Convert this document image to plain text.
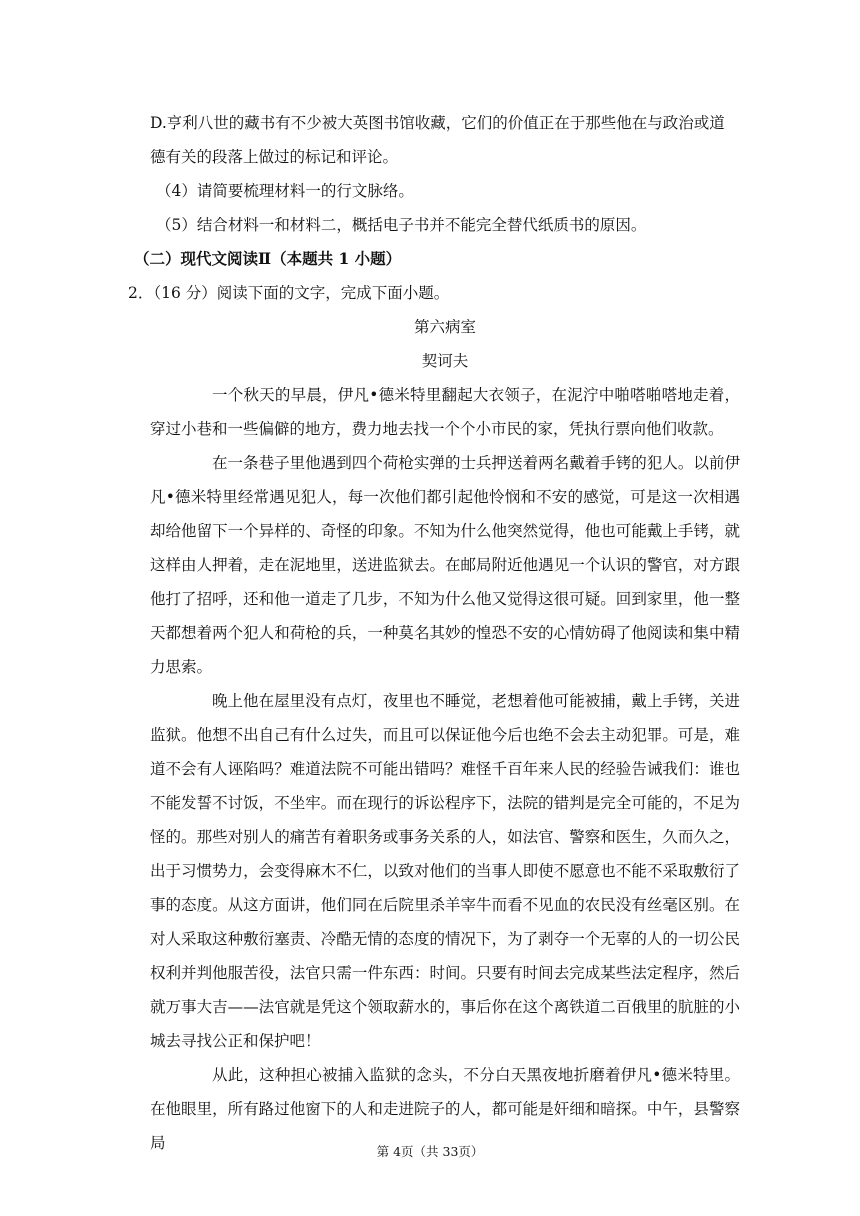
D.亨利八世的藏书有不少被大英图书馆收藏，它们的价值正在于那些他在与政治或道德有关的段落上做过的标记和评论。

（4）请简要梳理材料一的行文脉络。

（5）结合材料一和材料二，概括电子书并不能完全替代纸质书的原因。

（二）现代文阅读Ⅱ（本题共 1 小题）

2．（16 分）阅读下面的文字，完成下面小题。

第六病室

契诃夫

一个秋天的早晨，伊凡•德米特里翻起大衣领子，在泥泞中啪嗒啪嗒地走着，穿过小巷和一些偏僻的地方，费力地去找一个个小市民的家，凭执行票向他们收款。

在一条巷子里他遇到四个荷枪实弹的士兵押送着两名戴着手铐的犯人。以前伊凡•德米特里经常遇见犯人，每一次他们都引起他怜悯和不安的感觉，可是这一次相遇却给他留下一个异样的、奇怪的印象。不知为什么他突然觉得，他也可能戴上手铐，就这样由人押着，走在泥地里，送进监狱去。在邮局附近他遇见一个认识的警官，对方跟他打了招呼，还和他一道走了几步，不知为什么他又觉得这很可疑。回到家里，他一整天都想着两个犯人和荷枪的兵，一种莫名其妙的惶恐不安的心情妨碍了他阅读和集中精力思索。

晚上他在屋里没有点灯，夜里也不睡觉，老想着他可能被捕，戴上手铐，关进监狱。他想不出自己有什么过失，而且可以保证他今后也绝不会去主动犯罪。可是，难道不会有人诬陷吗？难道法院不可能出错吗？难怪千百年来人民的经验告诫我们：谁也不能发誓不讨饭，不坐牢。而在现行的诉讼程序下，法院的错判是完全可能的，不足为怪的。那些对别人的痛苦有着职务或事务关系的人，如法官、警察和医生，久而久之，出于习惯势力，会变得麻木不仁，以致对他们的当事人即使不愿意也不能不采取敷衍了事的态度。从这方面讲，他们同在后院里杀羊宰牛而看不见血的农民没有丝毫区别。在对人采取这种敷衍塞责、冷酷无情的态度的情况下，为了剥夺一个无辜的人的一切公民权利并判他服苦役，法官只需一件东西：时间。只要有时间去完成某些法定程序，然后就万事大吉——法官就是凭这个领取薪水的，事后你在这个离铁道二百俄里的肮脏的小城去寻找公正和保护吧！

从此，这种担心被捕入监狱的念头，不分白天黑夜地折磨着伊凡•德米特里。在他眼里，所有路过他窗下的人和走进院子的人，都可能是奸细和暗探。中午，县警察局	第 4页（共 33页）
